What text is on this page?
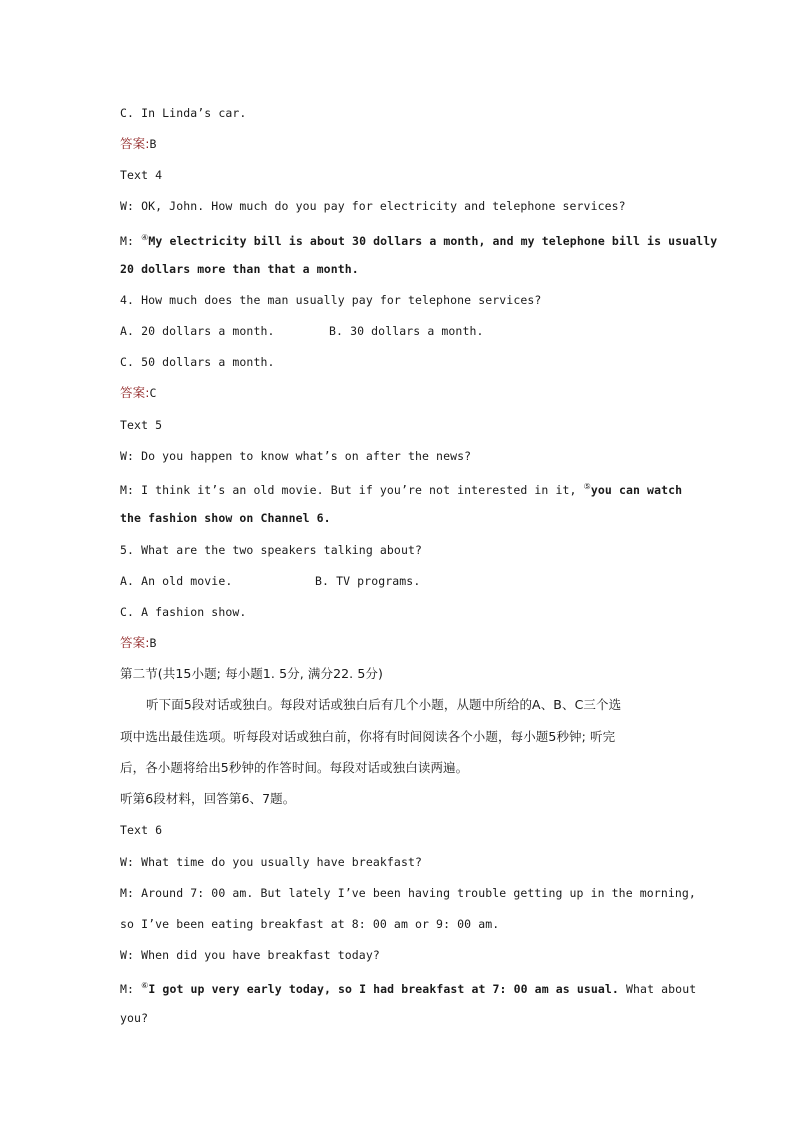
C. In Linda’s car.
答案:B
Text 4
W: OK, John. How much do you pay for electricity and telephone services?
M: ④My electricity bill is about 30 dollars a month, and my telephone bill is usually
20 dollars more than that a month.
4. How much does the man usually pay for telephone services?
A. 20 dollars a month.	B. 30 dollars a month.
C. 50 dollars a month.
答案:C
Text 5
W: Do you happen to know what’s on after the news?
M: I think it’s an old movie. But if you’re not interested in it, ⑤you can watch
the fashion show on Channel 6.
5. What are the two speakers talking about?
A. An old movie.	B. TV programs.
C. A fashion show.
答案:B
第二节(共15小题; 每小题1. 5分, 满分22. 5分)
听下面5段对话或独白。每段对话或独白后有几个小题，从题中所给的A、B、C三个选
项中选出最佳选项。听每段对话或独白前，你将有时间阅读各个小题，每小题5秒钟; 听完
后，各小题将给出5秒钟的作答时间。每段对话或独白读两遍。
听第6段材料，回答第6、7题。
Text 6
W: What time do you usually have breakfast?
M: Around 7: 00 am. But lately I’ve been having trouble getting up in the morning,
so I’ve been eating breakfast at 8: 00 am or 9: 00 am.
W: When did you have breakfast today?
M: ⑥I got up very early today, so I had breakfast at 7: 00 am as usual. What about
you?
